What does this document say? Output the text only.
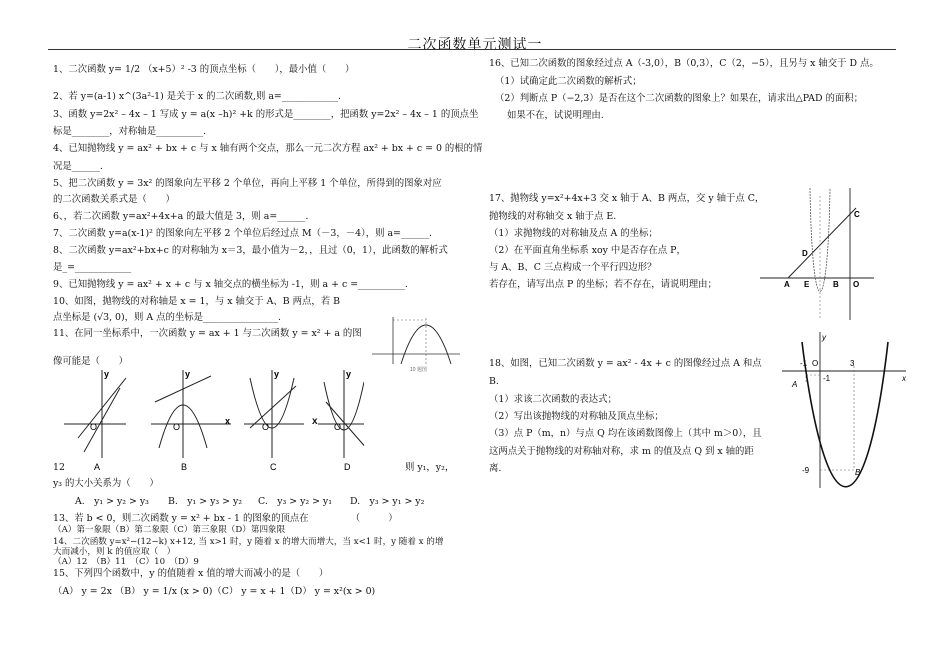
二次函数单元测试一
1、二次函数 y= 1/2 （x+5）² -3 的顶点坐标（　　），最小值（　　）
2、若 y=(a-1) x^(3a²-1) 是关于 x 的二次函数,则 a=____________.
3、函数 y=2x² – 4x – 1 写成 y = a(x –h)² +k 的形式是________，把函数 y=2x² – 4x – 1 的顶点坐
标是________，对称轴是__________.
4、已知抛物线 y = ax² + bx + c 与 x 轴有两个交点，那么一元二次方程 ax² + bx + c = 0 的根的情
况是______.
5、把二次函数 y = 3x² 的图象向左平移 2 个单位，再向上平移 1 个单位，所得到的图象对应
的二次函数关系式是（　　）
6、，若二次函数 y=ax²+4x+a 的最大值是 3，则 a=______.
7、二次函数 y=a(x-1)² 的图象向左平移 2 个单位后经过点 M（－3，－4），则 a=______.
8、二次函数 y=ax²+bx+c 的对称轴为 x＝3，最小值为－2，，且过（0，1），此函数的解析式
是_=____________
9、已知抛物线 y = ax² + x + c 与 x 轴交点的横坐标为 -1，则 a + c =__________.
10、如图，抛物线的对称轴是 x = 1，与 x 轴交于 A、B 两点，若 B
点坐标是 (√3, 0)，则 A 点的坐标是________________.
11、在同一坐标系中，一次函数 y = ax + 1 与二次函数 y = x² + a 的图
像可能是（　　）
10 题图
y
O
A
y
x
O
B
y
O
C
y
O
D
x
12	则 y₁，y₂，
y₃ 的大小关系为（　　）
A.　y₁ > y₂ > y₃ B.　y₁ > y₃ > y₂ C.　y₃ > y₂ > y₁ D.　y₃ > y₁ > y₂
13、若 b < 0，则二次函数 y = x² + bx - 1 的图象的顶点在　　　　　（　　　）
（A）第一象限（B）第二象限（C）第三象限（D）第四象限
14、二次函数 y=x²−(12−k) x+12, 当 x>1 时，y 随着 x 的增大而增大，当 x<1 时，y 随着 x 的增
大而减小，则 k 的值应取（　）
（A）12　（B）11　（C）10　（D）9
15、下列四个函数中，y 的值随着 x 值的增大而减小的是（　　）
（A） y = 2x （B） y = 1/x (x > 0)（C） y = x + 1（D） y = x²(x > 0)
16、已知二次函数的图象经过点 A（-3,0），B（0,3），C（2，−5），且另与 x 轴交于 D 点。
（1）试确定此二次函数的解析式；
（2）判断点 P（−2,3）是否在这个二次函数的图象上？如果在，请求出△PAD 的面积；
如果不在，试说明理由.
17、抛物线 y=x²+4x+3 交 x 轴于 A、B 两点，交 y 轴于点 C，
抛物线的对称轴交 x 轴于点 E.
（1）求抛物线的对称轴及点 A 的坐标；
（2）在平面直角坐标系 xoy 中是否存在点 P，
与 A、B、C 三点构成一个平行四边形？
若存在，请写出点 P 的坐标；若不存在，请说明理由；
C
D
A E	B O
18、如图，已知二次函数 y = ax² - 4x + c 的图像经过点 A 和点
B.
（1）求该二次函数的表达式；
（2）写出该抛物线的对称轴及顶点坐标；
（3）点 P（m，n）与点 Q 均在该函数图像上（其中 m＞0），且
这两点关于抛物线的对称轴对称，求 m 的值及点 Q 到 x 轴的距
离.
y
-1 O	3
x
A
-1
-9	B
